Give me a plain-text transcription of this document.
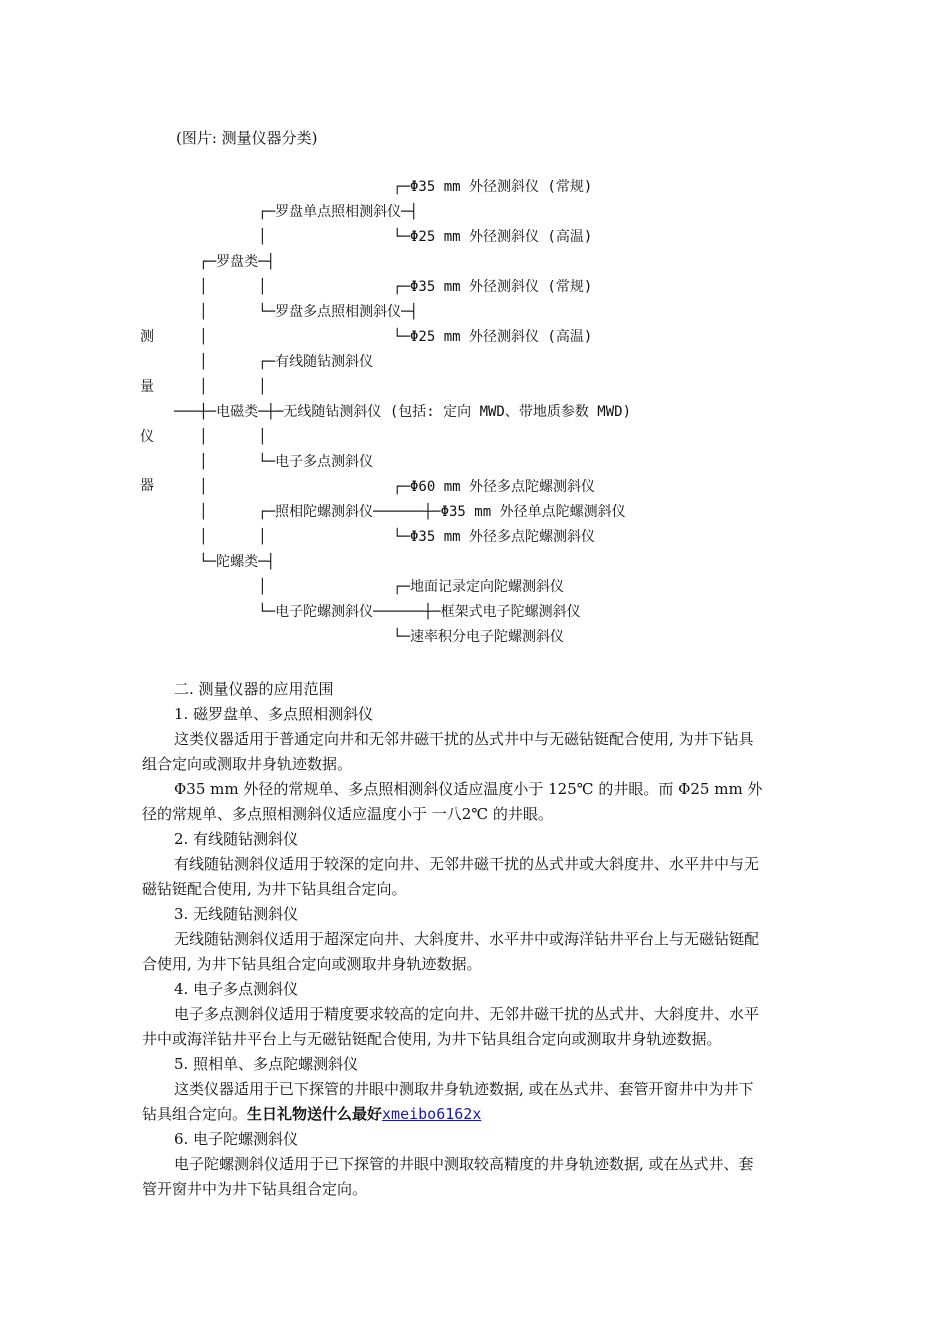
(图片: 测量仪器分类)
测
量
仪
器
┌─Φ35 mm 外径测斜仪 (常规)
┌─罗盘单点照相测斜仪─┤
│               └─Φ25 mm 外径测斜仪 (高温)
┌─罗盘类─┤
│      │               ┌─Φ35 mm 外径测斜仪 (常规)
│      └─罗盘多点照相测斜仪─┤
│                      └─Φ25 mm 外径测斜仪 (高温)
│      ┌─有线随钻测斜仪
│      │
───┼─电磁类─┼─无线随钻测斜仪 (包括: 定向 MWD、带地质参数 MWD)
│      │
│      └─电子多点测斜仪
│                      ┌─Φ60 mm 外径多点陀螺测斜仪
│      ┌─照相陀螺测斜仪──────┼─Φ35 mm 外径单点陀螺测斜仪
│      │               └─Φ35 mm 外径多点陀螺测斜仪
└─陀螺类─┤
│               ┌─地面记录定向陀螺测斜仪
└─电子陀螺测斜仪──────┼─框架式电子陀螺测斜仪
└─速率积分电子陀螺测斜仪

二. 测量仪器的应用范围

1. 磁罗盘单、多点照相测斜仪

这类仪器适用于普通定向井和无邻井磁干扰的丛式井中与无磁钻铤配合使用, 为井下钻具组合定向或测取井身轨迹数据。

Φ35 mm 外径的常规单、多点照相测斜仪适应温度小于 125℃ 的井眼。而 Φ25 mm 外径的常规单、多点照相测斜仪适应温度小于 一八2℃ 的井眼。

2. 有线随钻测斜仪

有线随钻测斜仪适用于较深的定向井、无邻井磁干扰的丛式井或大斜度井、水平井中与无磁钻铤配合使用, 为井下钻具组合定向。

3. 无线随钻测斜仪

无线随钻测斜仪适用于超深定向井、大斜度井、水平井中或海洋钻井平台上与无磁钻铤配合使用, 为井下钻具组合定向或测取井身轨迹数据。

4. 电子多点测斜仪

电子多点测斜仪适用于精度要求较高的定向井、无邻井磁干扰的丛式井、大斜度井、水平井中或海洋钻井平台上与无磁钻铤配合使用, 为井下钻具组合定向或测取井身轨迹数据。

5. 照相单、多点陀螺测斜仪

这类仪器适用于已下探管的井眼中测取井身轨迹数据, 或在丛式井、套管开窗井中为井下钻具组合定向。生日礼物送什么最好xmeibo6162x

6. 电子陀螺测斜仪

电子陀螺测斜仪适用于已下探管的井眼中测取较高精度的井身轨迹数据, 或在丛式井、套管开窗井中为井下钻具组合定向。
